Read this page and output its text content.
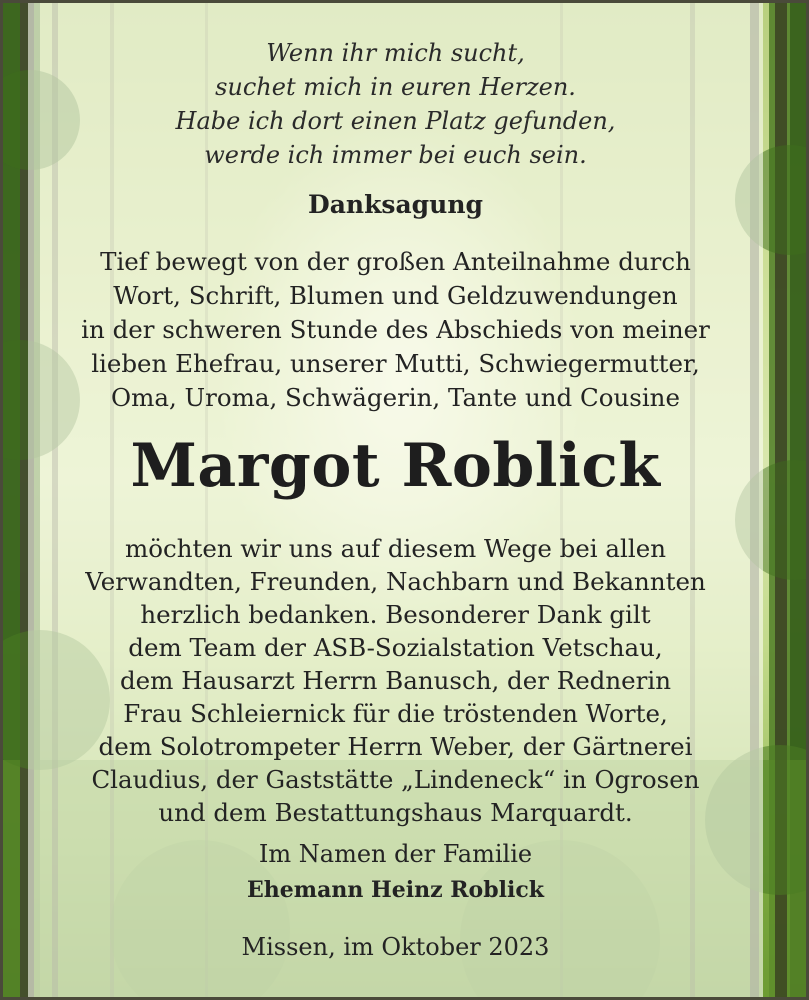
Wenn ihr mich sucht,
suchet mich in euren Herzen.
Habe ich dort einen Platz gefunden,
werde ich immer bei euch sein.
Danksagung
Tief bewegt von der großen Anteilnahme durch
Wort, Schrift, Blumen und Geldzuwendungen
in der schweren Stunde des Abschieds von meiner
lieben Ehefrau, unserer Mutti, Schwiegermutter,
Oma, Uroma, Schwägerin, Tante und Cousine
Margot Roblick
möchten wir uns auf diesem Wege bei allen
Verwandten, Freunden, Nachbarn und Bekannten
herzlich bedanken. Besonderer Dank gilt
dem Team der ASB-Sozialstation Vetschau,
dem Hausarzt Herrn Banusch, der Rednerin
Frau Schleiernick für die tröstenden Worte,
dem Solotrompeter Herrn Weber, der Gärtnerei
Claudius, der Gaststätte „Lindeneck“ in Ogrosen
und dem Bestattungshaus Marquardt.
Im Namen der Familie
Ehemann Heinz Roblick
Missen, im Oktober 2023
